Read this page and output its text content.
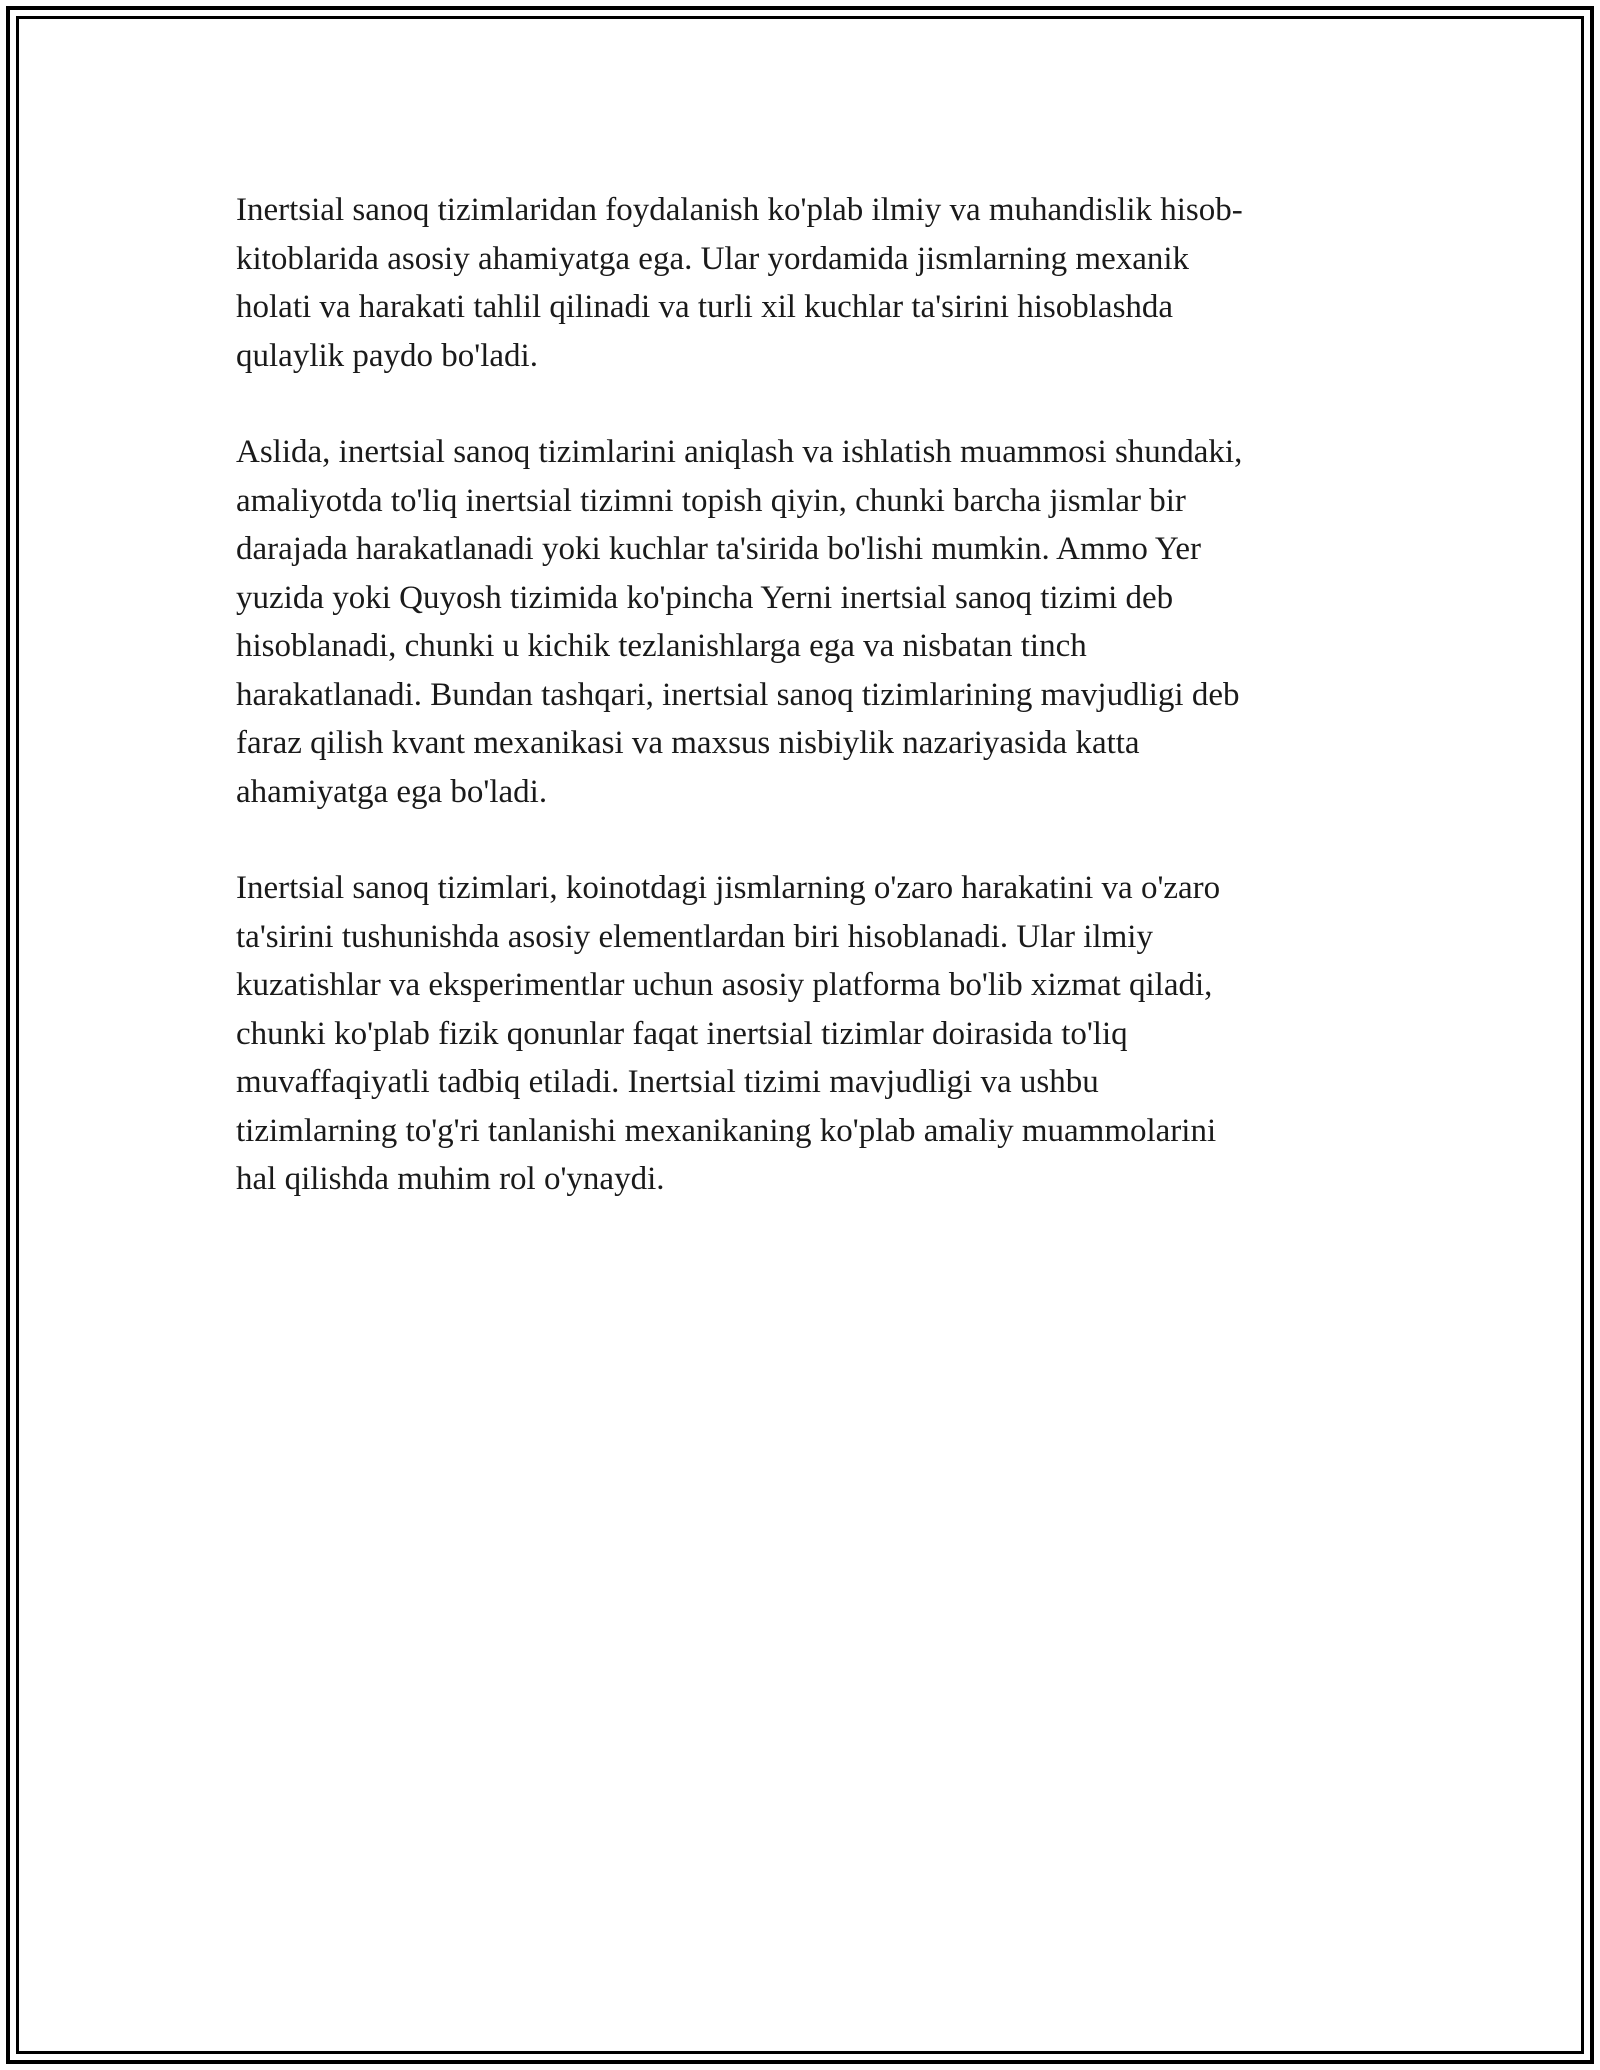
Inertsial sanoq tizimlaridan foydalanish ko'plab ilmiy va muhandislik hisob-
kitoblarida asosiy ahamiyatga ega. Ular yordamida jismlarning mexanik
holati va harakati tahlil qilinadi va turli xil kuchlar ta'sirini hisoblashda
qulaylik paydo bo'ladi.

Aslida, inertsial sanoq tizimlarini aniqlash va ishlatish muammosi shundaki,
amaliyotda to'liq inertsial tizimni topish qiyin, chunki barcha jismlar bir
darajada harakatlanadi yoki kuchlar ta'sirida bo'lishi mumkin. Ammo Yer
yuzida yoki Quyosh tizimida ko'pincha Yerni inertsial sanoq tizimi deb
hisoblanadi, chunki u kichik tezlanishlarga ega va nisbatan tinch
harakatlanadi. Bundan tashqari, inertsial sanoq tizimlarining mavjudligi deb
faraz qilish kvant mexanikasi va maxsus nisbiylik nazariyasida katta
ahamiyatga ega bo'ladi.

Inertsial sanoq tizimlari, koinotdagi jismlarning o'zaro harakatini va o'zaro
ta'sirini tushunishda asosiy elementlardan biri hisoblanadi. Ular ilmiy
kuzatishlar va eksperimentlar uchun asosiy platforma bo'lib xizmat qiladi,
chunki ko'plab fizik qonunlar faqat inertsial tizimlar doirasida to'liq
muvaffaqiyatli tadbiq etiladi. Inertsial tizimi mavjudligi va ushbu
tizimlarning to'g'ri tanlanishi mexanikaning ko'plab amaliy muammolarini
hal qilishda muhim rol o'ynaydi.
